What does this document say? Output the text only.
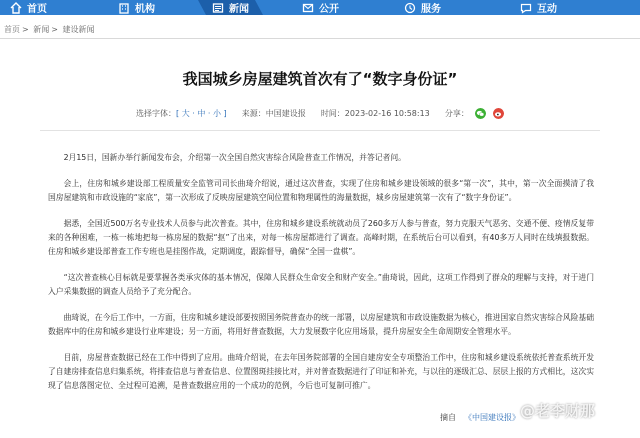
首页	机构	新闻	公开	服务	互动
首页 > 新闻 > 建设新闻
我国城乡房屋建筑首次有了“数字身份证”
选择字体：[ 大 · 中 · 小 ] 来源：中国建设报 时间：2023-02-16 10:58:13 分享：

2月15日，国新办举行新闻发布会，介绍第一次全国自然灾害综合风险普查工作情况，并答记者问。

会上，住房和城乡建设部工程质量安全监管司司长曲琦介绍说，通过这次普查，实现了住房和城乡建设领域的很多“第一次”，其中，第一次全面摸清了我国房屋建筑和市政设施的“家底”，第一次形成了反映房屋建筑空间位置和物理属性的海量数据，城乡房屋建筑第一次有了“数字身份证”。

据悉，全国近500万名专业技术人员参与此次普查。其中，住房和城乡建设系统就动员了260多万人参与普查，努力克服天气恶劣、交通不便、疫情反复带来的各种困难，一栋一栋地把每一栋房屋的数据“抠”了出来，对每一栋房屋都进行了调查。高峰时期，在系统后台可以看到，有40多万人同时在线填报数据。住房和城乡建设部普查工作专班也是挂图作战，定期调度，跟踪督导，确保“全国一盘棋”。

“这次普查核心目标就是要掌握各类承灾体的基本情况，保障人民群众生命安全和财产安全。”曲琦说，因此，这项工作得到了群众的理解与支持，对于进门入户采集数据的调查人员给予了充分配合。

曲琦说，在今后工作中，一方面，住房和城乡建设部要按照国务院普查办的统一部署，以房屋建筑和市政设施数据为核心，推进国家自然灾害综合风险基础数据库中的住房和城乡建设行业库建设；另一方面，将用好普查数据，大力发展数字化应用场景，提升房屋安全生命周期安全管理水平。

目前，房屋普查数据已经在工作中得到了应用。曲琦介绍说，在去年国务院部署的全国自建房安全专项整治工作中，住房和城乡建设系统依托普查系统开发了自建房排查信息归集系统，将排查信息与普查信息、位置图斑挂接比对，并对普查数据进行了印证和补充，与以往的逐级汇总、层层上报的方式相比，这次实现了信息落图定位、全过程可追溯，是普查数据应用的一个成功的范例，今后也可复制可推广。

摘自 《中国建设报》 @老李财那
